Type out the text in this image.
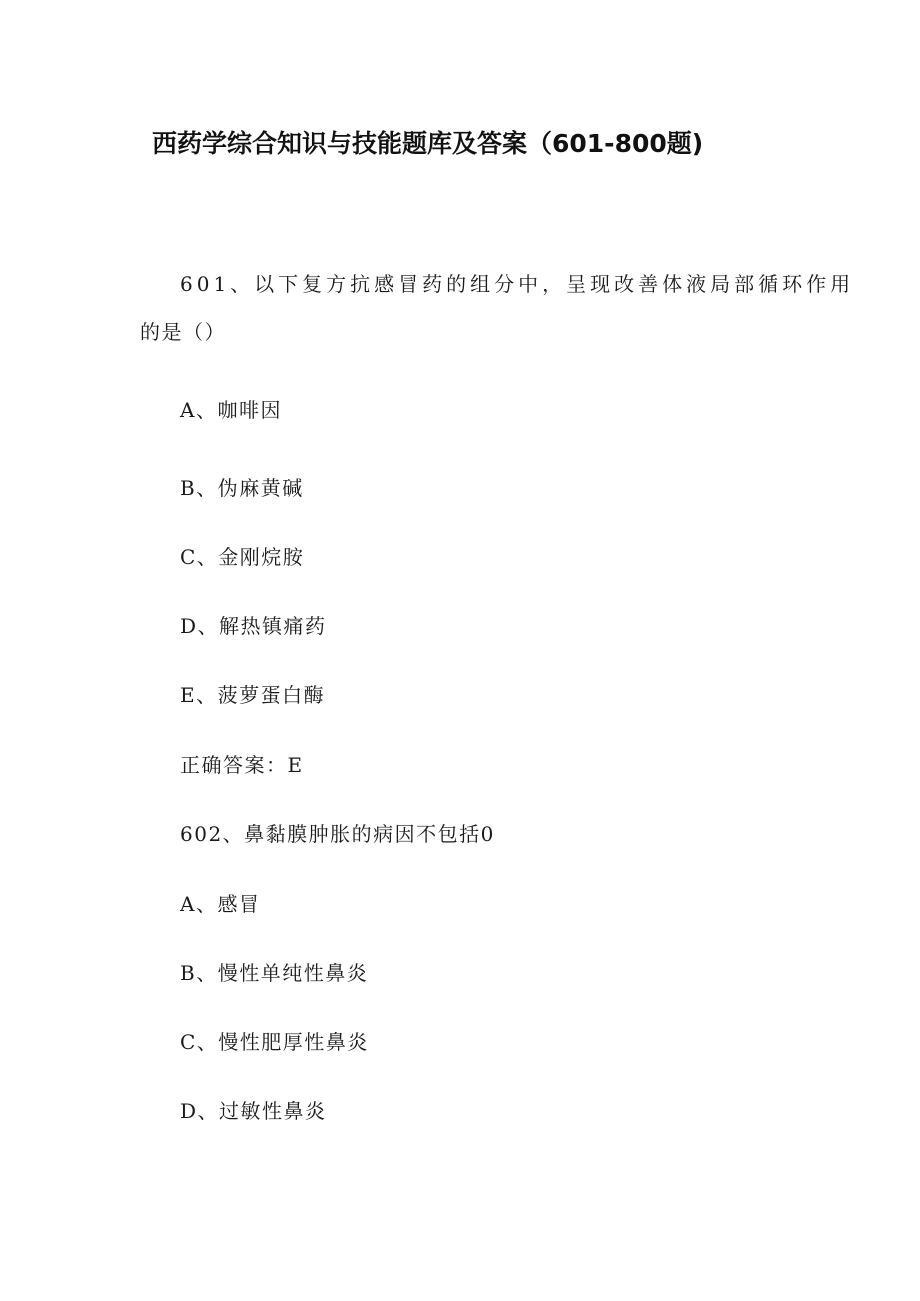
西药学综合知识与技能题库及答案（601-800题)
601、以下复方抗感冒药的组分中，呈现改善体液局部循环作用
的是（）
A、咖啡因
B、伪麻黄碱
C、金刚烷胺
D、解热镇痛药
E、菠萝蛋白酶
正确答案：E
602、鼻黏膜肿胀的病因不包括0
A、感冒
B、慢性单纯性鼻炎
C、慢性肥厚性鼻炎
D、过敏性鼻炎
